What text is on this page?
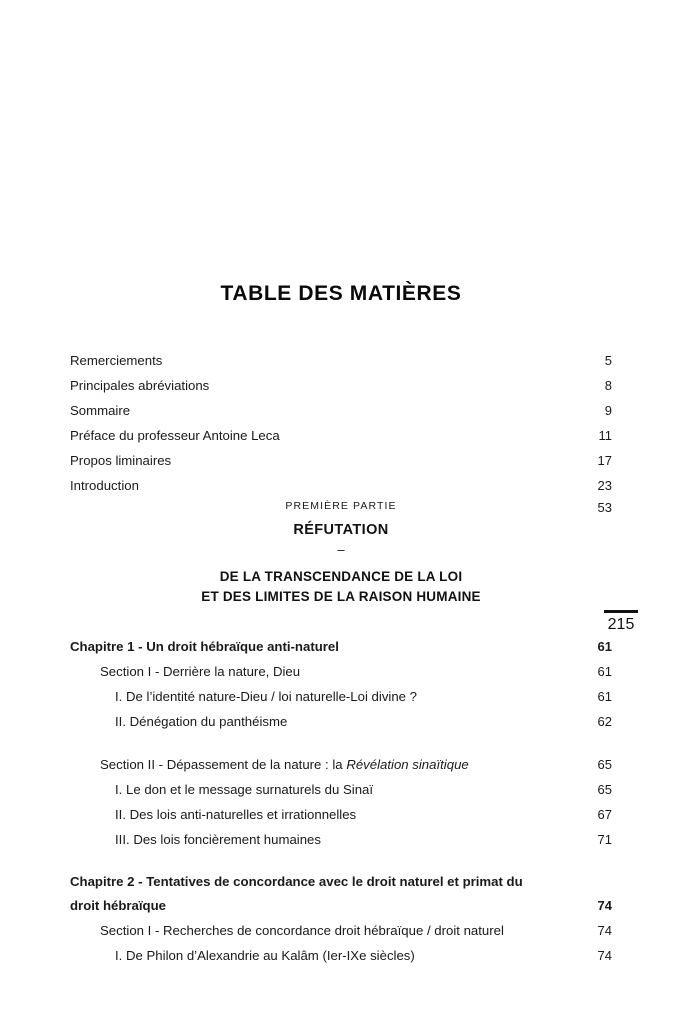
TABLE DES MATIÈRES
Remerciements	5
Principales abréviations	8
Sommaire	9
Préface du professeur Antoine Leca	11
Propos liminaires	17
Introduction	23
PREMIÈRE PARTIE	53
RÉFUTATION
–
DE LA TRANSCENDANCE DE LA LOI
ET DES LIMITES DE LA RAISON HUMAINE
215
Chapitre 1 - Un droit hébraïque anti-naturel	61
Section I - Derrière la nature, Dieu	61
I. De l’identité nature-Dieu / loi naturelle-Loi divine ?	61
II. Dénégation du panthéisme	62
Section II - Dépassement de la nature : la Révélation sinaïtique	65
I. Le don et le message surnaturels du Sinaï	65
II. Des lois anti-naturelles et irrationnelles	67
III. Des lois foncièrement humaines	71
Chapitre 2 - Tentatives de concordance avec le droit naturel et primat du droit hébraïque	74
Section I - Recherches de concordance droit hébraïque / droit naturel	74
I. De Philon d’Alexandrie au Kalâm (Ier-IXe siècles)	74
